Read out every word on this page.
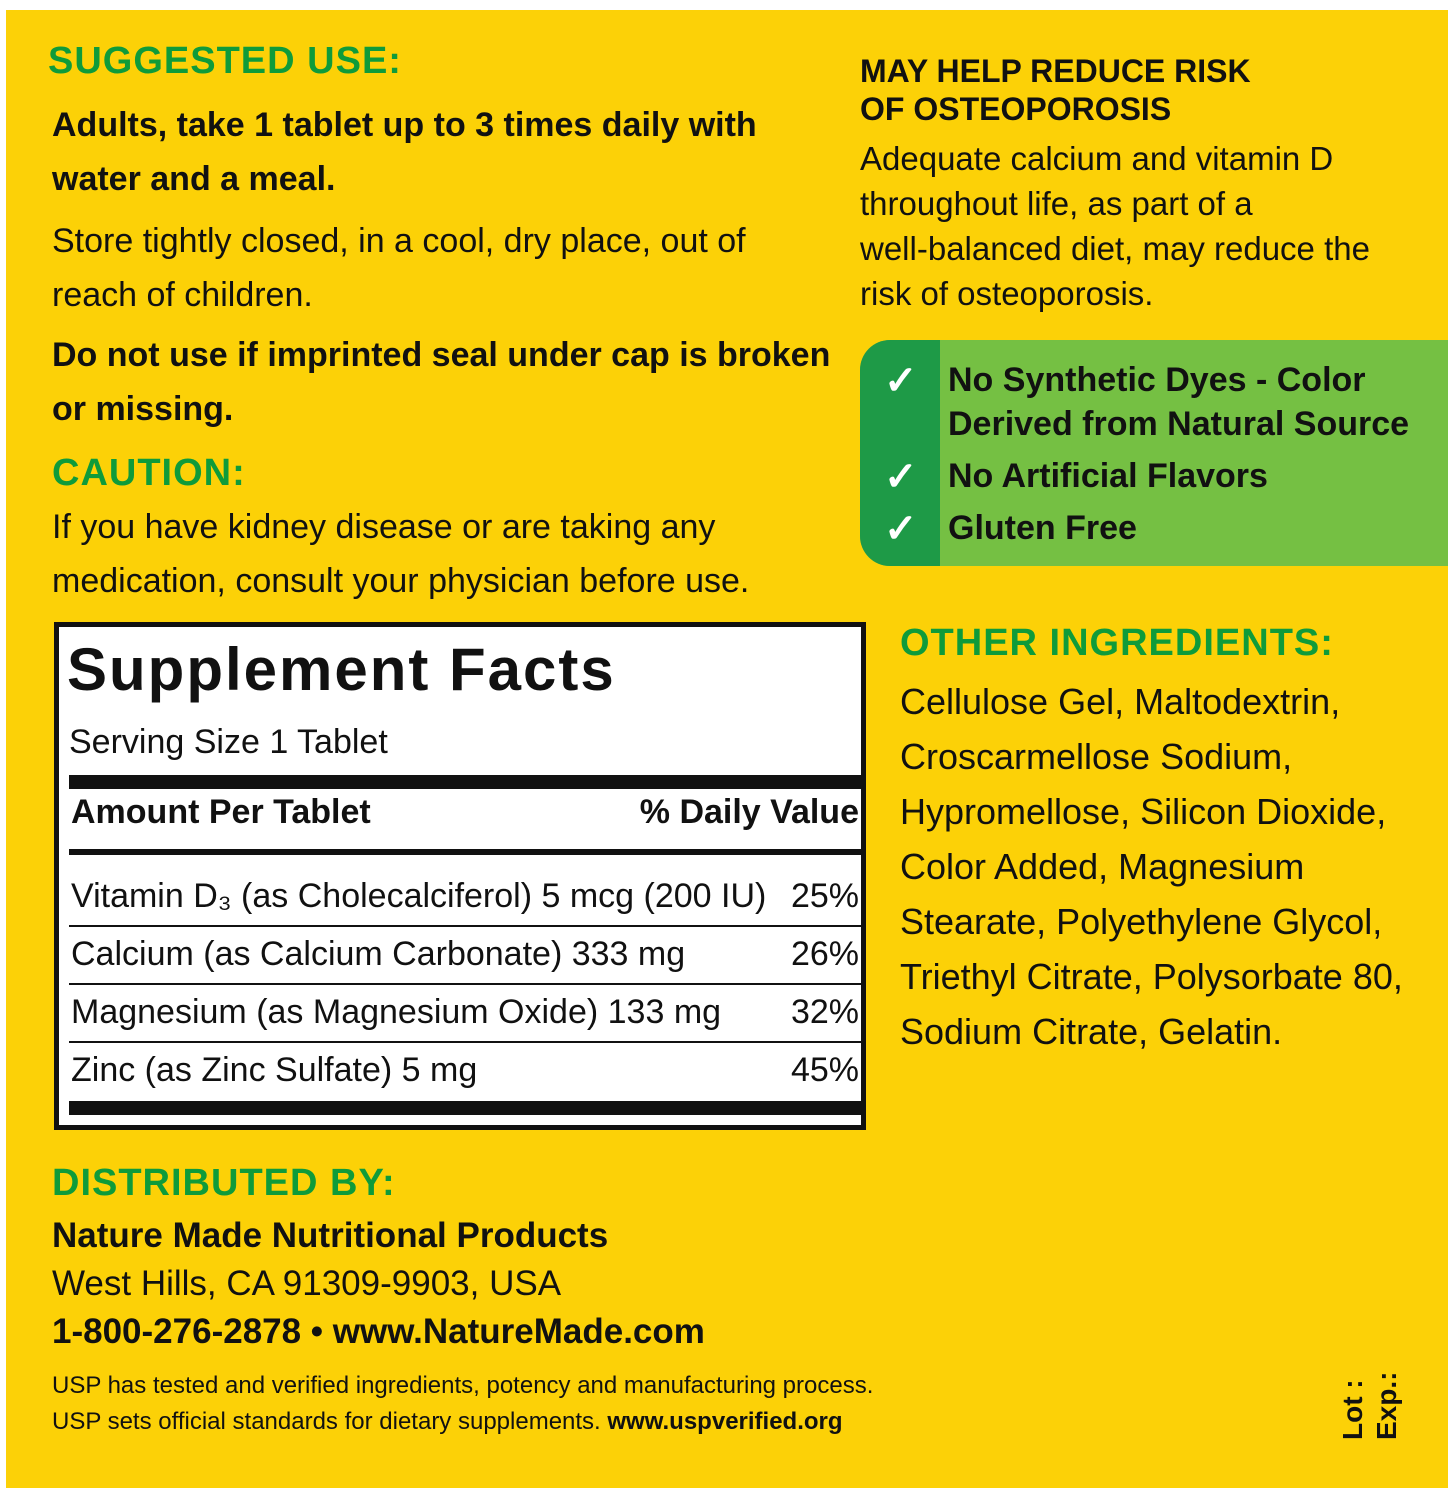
SUGGESTED USE:
Adults, take 1 tablet up to 3 times daily with
water and a meal.
Store tightly closed, in a cool, dry place, out of
reach of children.
Do not use if imprinted seal under cap is broken
or missing.
CAUTION:
If you have kidney disease or are taking any
medication, consult your physician before use.
Supplement Facts
Serving Size 1 Tablet
Amount Per Tablet	% Daily Value
Vitamin D₃ (as Cholecalciferol) 5 mcg (200 IU) 25%
Calcium (as Calcium Carbonate) 333 mg	26%
Magnesium (as Magnesium Oxide) 133 mg 32%
Zinc (as Zinc Sulfate) 5 mg	45%
MAY HELP REDUCE RISK
OF OSTEOPOROSIS
Adequate calcium and vitamin D
throughout life, as part of a
well-balanced diet, may reduce the
risk of osteoporosis.
✓ No Synthetic Dyes - Color
Derived from Natural Source
✓ No Artificial Flavors
✓ Gluten Free
OTHER INGREDIENTS:
Cellulose Gel, Maltodextrin,
Croscarmellose Sodium,
Hypromellose, Silicon Dioxide,
Color Added, Magnesium
Stearate, Polyethylene Glycol,
Triethyl Citrate, Polysorbate 80,
Sodium Citrate, Gelatin.
DISTRIBUTED BY:
Nature Made Nutritional Products
West Hills, CA 91309-9903, USA
1-800-276-2878 • www.NatureMade.com
USP has tested and verified ingredients, potency and manufacturing process.
USP sets official standards for dietary supplements. www.uspverified.org	Lot : Exp.:
